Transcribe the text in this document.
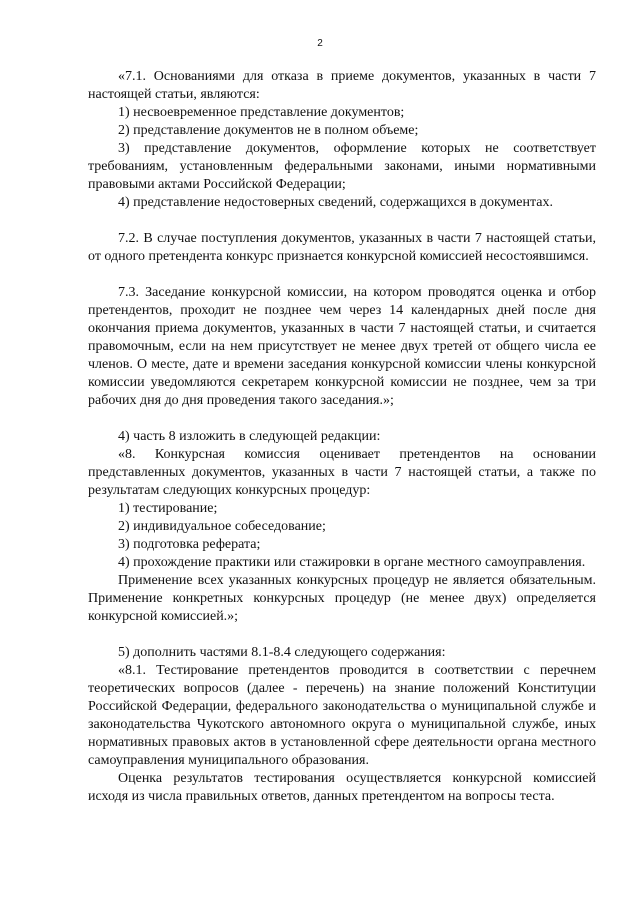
2

«7.1. Основаниями для отказа в приеме документов, указанных в части 7 настоящей статьи, являются:

1) несвоевременное представление документов;

2) представление документов не в полном объеме;

3) представление документов, оформление которых не соответствует требованиям, установленным федеральными законами, иными нормативными правовыми актами Российской Федерации;

4) представление недостоверных сведений, содержащихся в документах.

7.2. В случае поступления документов, указанных в части 7 настоящей статьи, от одного претендента конкурс признается конкурсной комиссией несостоявшимся.

7.3. Заседание конкурсной комиссии, на котором проводятся оценка и отбор претендентов, проходит не позднее чем через 14 календарных дней после дня окончания приема документов, указанных в части 7 настоящей статьи, и считается правомочным, если на нем присутствует не менее двух третей от общего числа ее членов. О месте, дате и времени заседания конкурсной комиссии члены конкурсной комиссии уведомляются секретарем конкурсной комиссии не позднее, чем за три рабочих дня до дня проведения такого заседания.»;

4) часть 8 изложить в следующей редакции:

«8. Конкурсная комиссия оценивает претендентов на основании представленных документов, указанных в части 7 настоящей статьи, а также по результатам следующих конкурсных процедур:

1) тестирование;

2) индивидуальное собеседование;

3) подготовка реферата;

4) прохождение практики или стажировки в органе местного самоуправления.

Применение всех указанных конкурсных процедур не является обязательным. Применение конкретных конкурсных процедур (не менее двух) определяется конкурсной комиссией.»;

5) дополнить частями 8.1-8.4 следующего содержания:

«8.1. Тестирование претендентов проводится в соответствии с перечнем теоретических вопросов (далее - перечень) на знание положений Конституции Российской Федерации, федерального законодательства о муниципальной службе и законодательства Чукотского автономного округа о муниципальной службе, иных нормативных правовых актов в установленной сфере деятельности органа местного самоуправления муниципального образования.

Оценка результатов тестирования осуществляется конкурсной комиссией исходя из числа правильных ответов, данных претендентом на вопросы теста.
